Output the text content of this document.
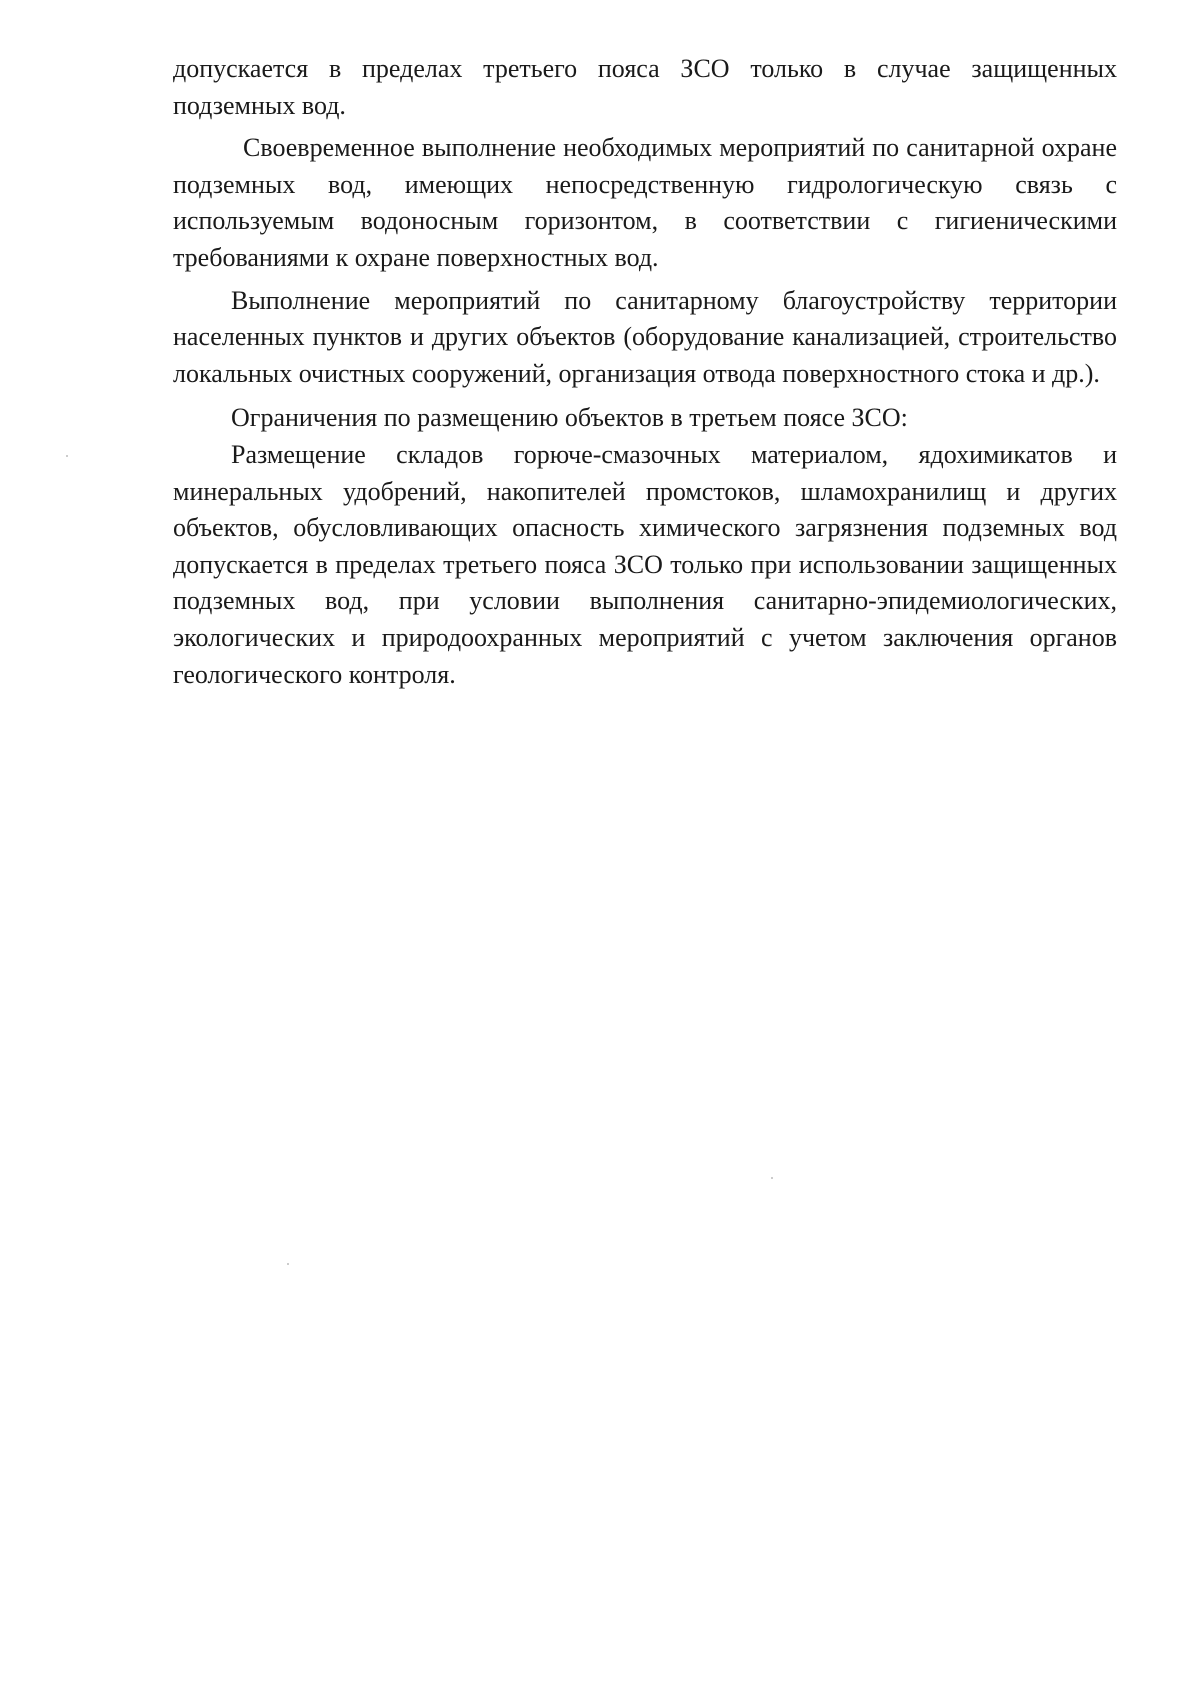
допускается в пределах третьего пояса ЗСО только в случае защищенных подземных вод.

Своевременное выполнение необходимых мероприятий по санитарной охране подземных вод, имеющих непосредственную гидрологическую связь с используемым водоносным горизонтом, в соответствии с гигиеническими требованиями к охране поверхностных вод.

Выполнение мероприятий по санитарному благоустройству территории населенных пунктов и других объектов (оборудование канализацией, строительство локальных очистных сооружений, организация отвода поверхностного стока и др.).

Ограничения по размещению объектов в третьем поясе ЗСО:

Размещение складов горюче-смазочных материалом, ядохимикатов и минеральных удобрений, накопителей промстоков, шламохранилищ и других объектов, обусловливающих опасность химического загрязнения подземных вод допускается в пределах третьего пояса ЗСО только при использовании защищенных подземных вод, при условии выполнения санитарно-эпидемиологических, экологических и природоохранных мероприятий с учетом заключения органов геологического контроля.
